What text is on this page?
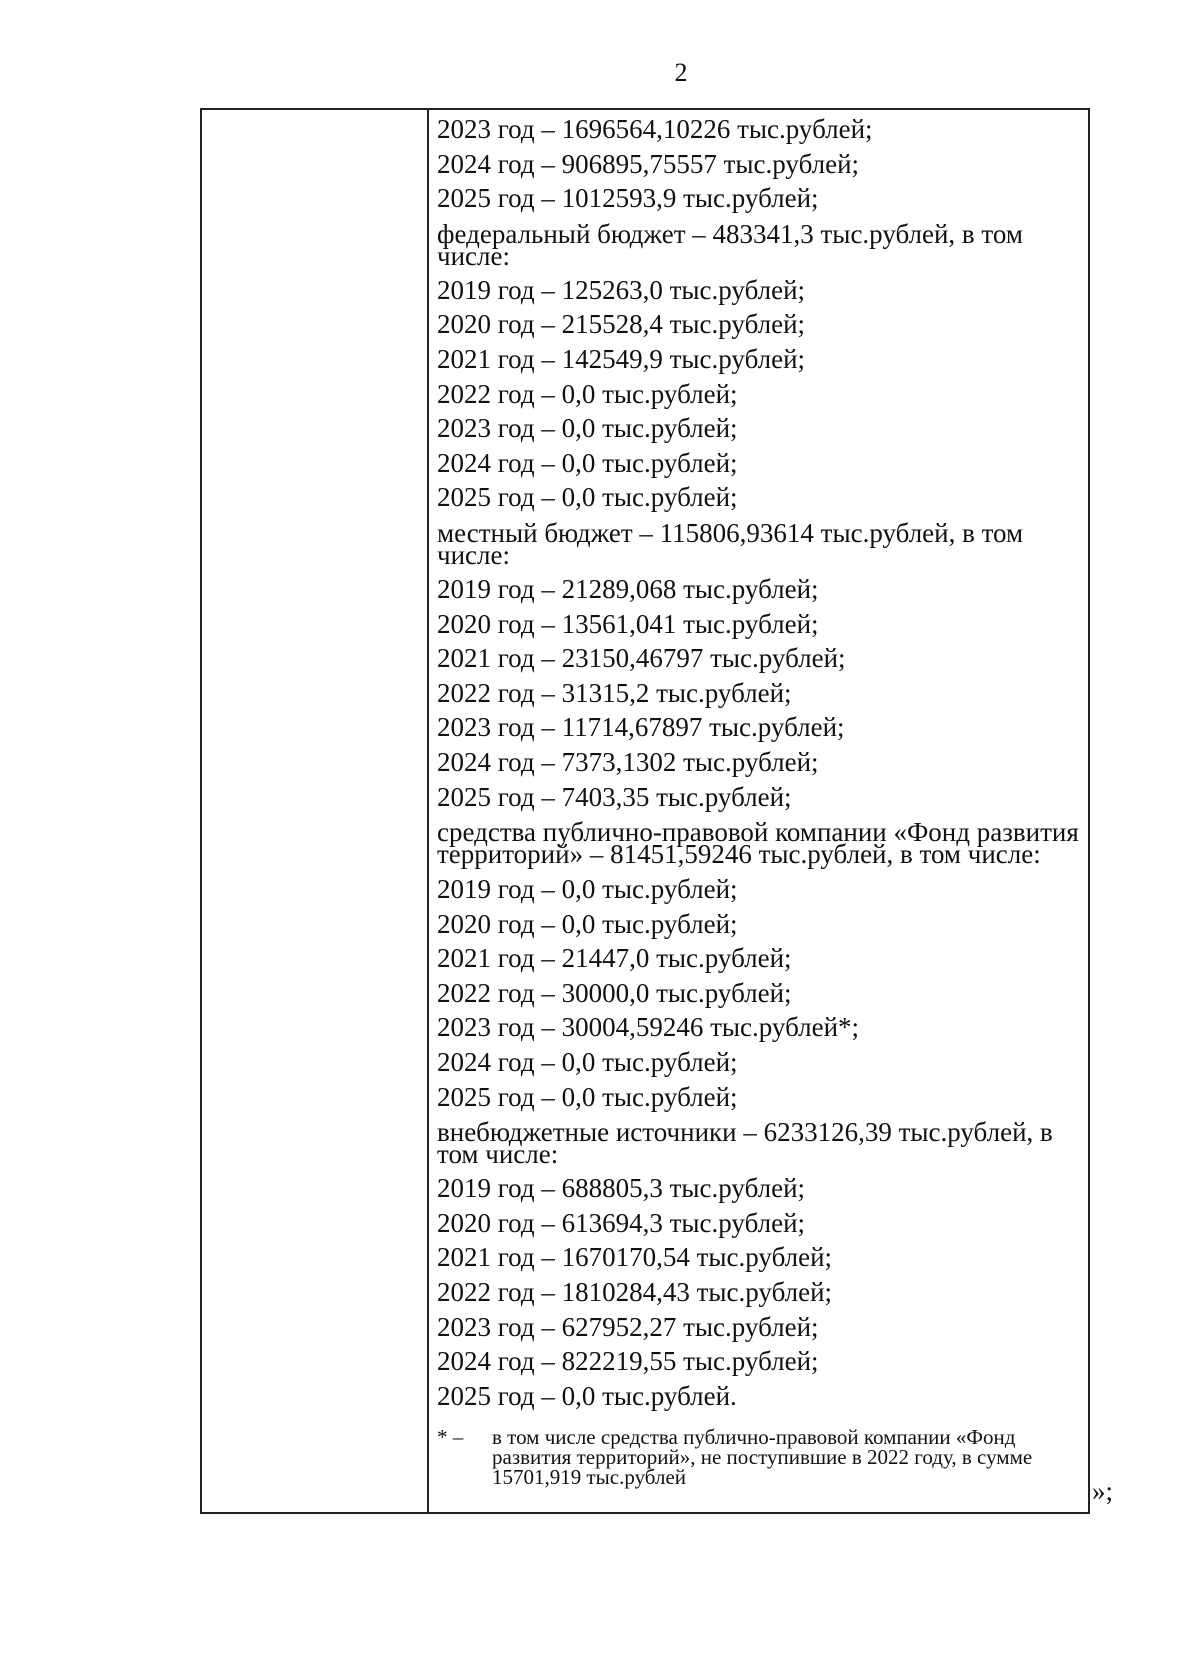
2
2023 год – 1696564,10226 тыс.рублей;
2024 год – 906895,75557 тыс.рублей;
2025 год – 1012593,9 тыс.рублей;
федеральный бюджет – 483341,3 тыс.рублей, в том числе:
2019 год – 125263,0 тыс.рублей;
2020 год – 215528,4 тыс.рублей;
2021 год – 142549,9 тыс.рублей;
2022 год – 0,0 тыс.рублей;
2023 год – 0,0 тыс.рублей;
2024 год – 0,0 тыс.рублей;
2025 год – 0,0 тыс.рублей;
местный бюджет – 115806,93614 тыс.рублей, в том числе:
2019 год – 21289,068 тыс.рублей;
2020 год – 13561,041 тыс.рублей;
2021 год – 23150,46797 тыс.рублей;
2022 год – 31315,2 тыс.рублей;
2023 год – 11714,67897 тыс.рублей;
2024 год – 7373,1302 тыс.рублей;
2025 год – 7403,35 тыс.рублей;
средства публично-правовой компании «Фонд развития территорий» – 81451,59246 тыс.рублей, в том числе:
2019 год – 0,0 тыс.рублей;
2020 год – 0,0 тыс.рублей;
2021 год – 21447,0 тыс.рублей;
2022 год – 30000,0 тыс.рублей;
2023 год – 30004,59246 тыс.рублей*;
2024 год – 0,0 тыс.рублей;
2025 год – 0,0 тыс.рублей;
внебюджетные источники – 6233126,39 тыс.рублей, в том числе:
2019 год – 688805,3 тыс.рублей;
2020 год – 613694,3 тыс.рублей;
2021 год – 1670170,54 тыс.рублей;
2022 год – 1810284,43 тыс.рублей;
2023 год – 627952,27 тыс.рублей;
2024 год – 822219,55 тыс.рублей;
2025 год – 0,0 тыс.рублей.
* –	в том числе средства публично-правовой компании «Фонд развития территорий», не поступившие в 2022 году, в сумме 15701,919 тыс.рублей	»;
